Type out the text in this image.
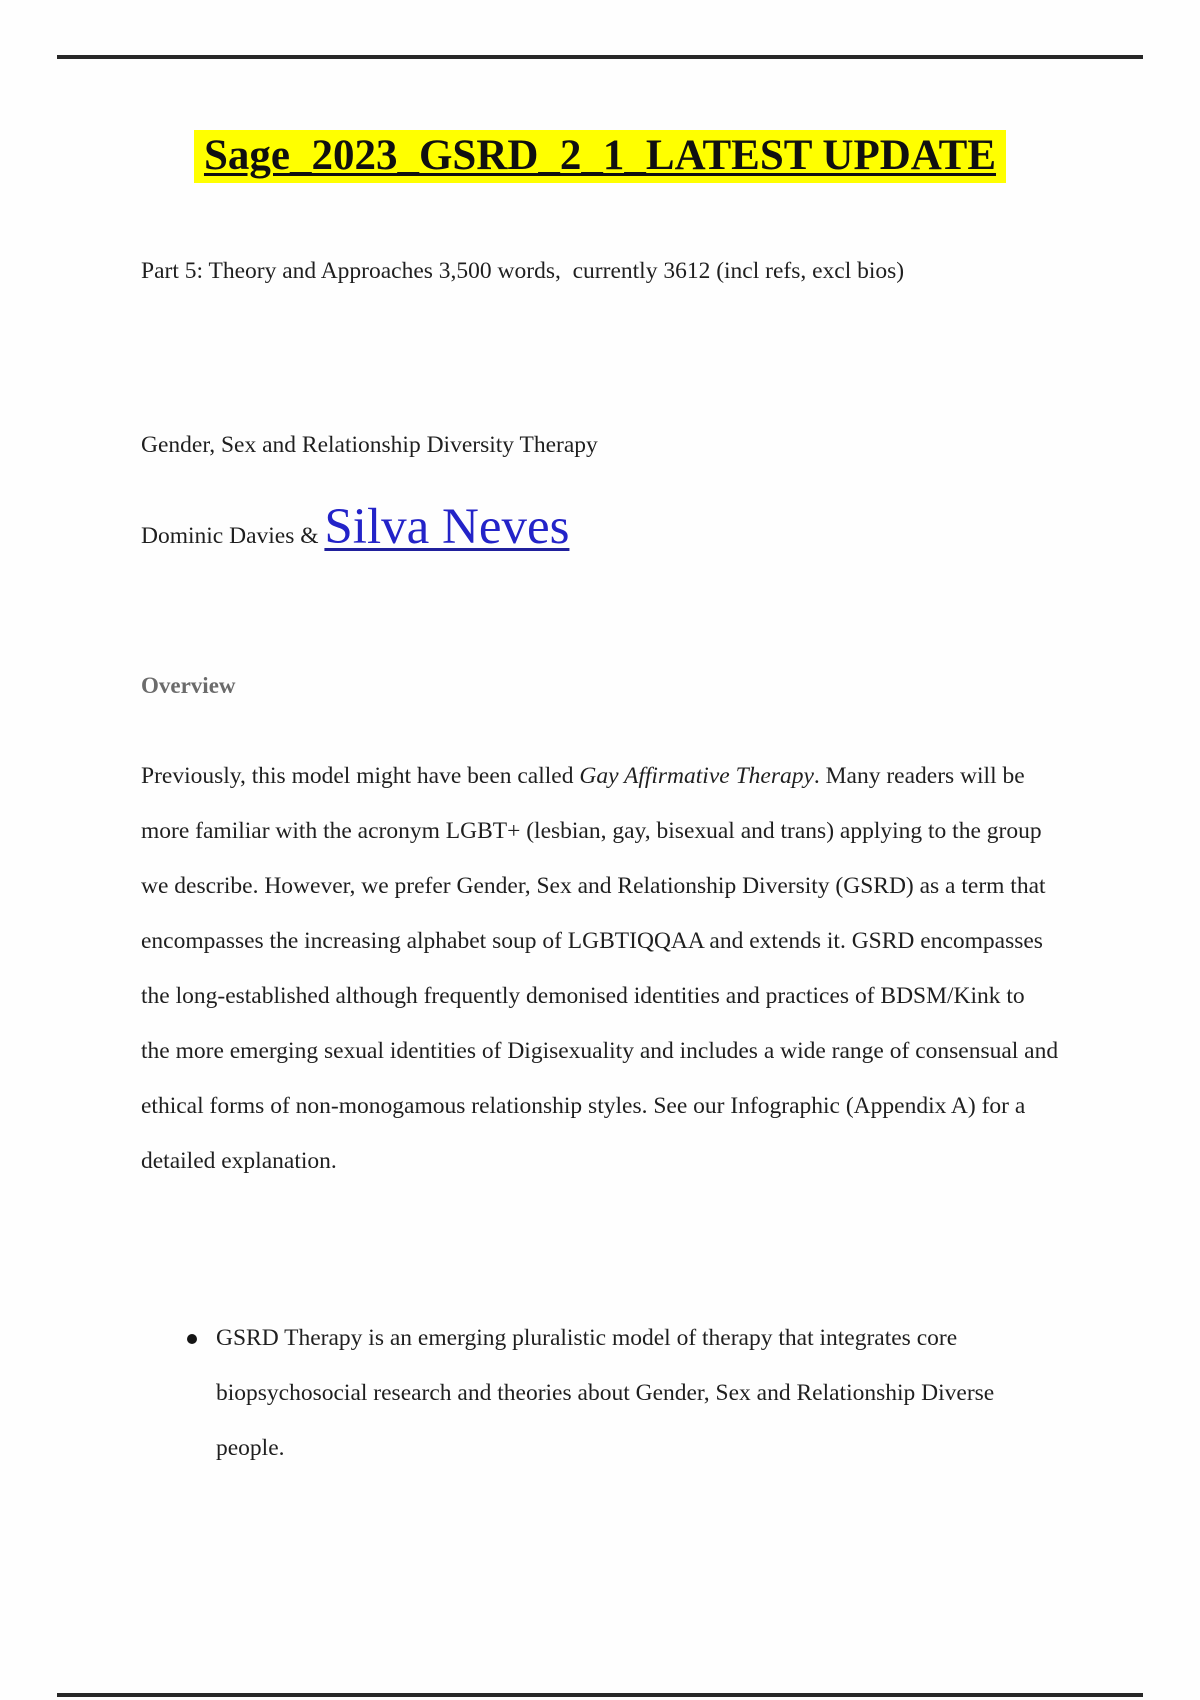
Sage_2023_GSRD_2_1_LATEST UPDATE
Part 5: Theory and Approaches 3,500 words,  currently 3612 (incl refs, excl bios)
Gender, Sex and Relationship Diversity Therapy
Dominic Davies & Silva Neves
Overview
Previously, this model might have been called Gay Affirmative Therapy. Many readers will be more familiar with the acronym LGBT+ (lesbian, gay, bisexual and trans) applying to the group we describe. However, we prefer Gender, Sex and Relationship Diversity (GSRD) as a term that encompasses the increasing alphabet soup of LGBTIQQAA and extends it. GSRD encompasses the long-established although frequently demonised identities and practices of BDSM/Kink to the more emerging sexual identities of Digisexuality and includes a wide range of consensual and ethical forms of non-monogamous relationship styles. See our Infographic (Appendix A) for a detailed explanation.
GSRD Therapy is an emerging pluralistic model of therapy that integrates core biopsychosocial research and theories about Gender, Sex and Relationship Diverse people.
